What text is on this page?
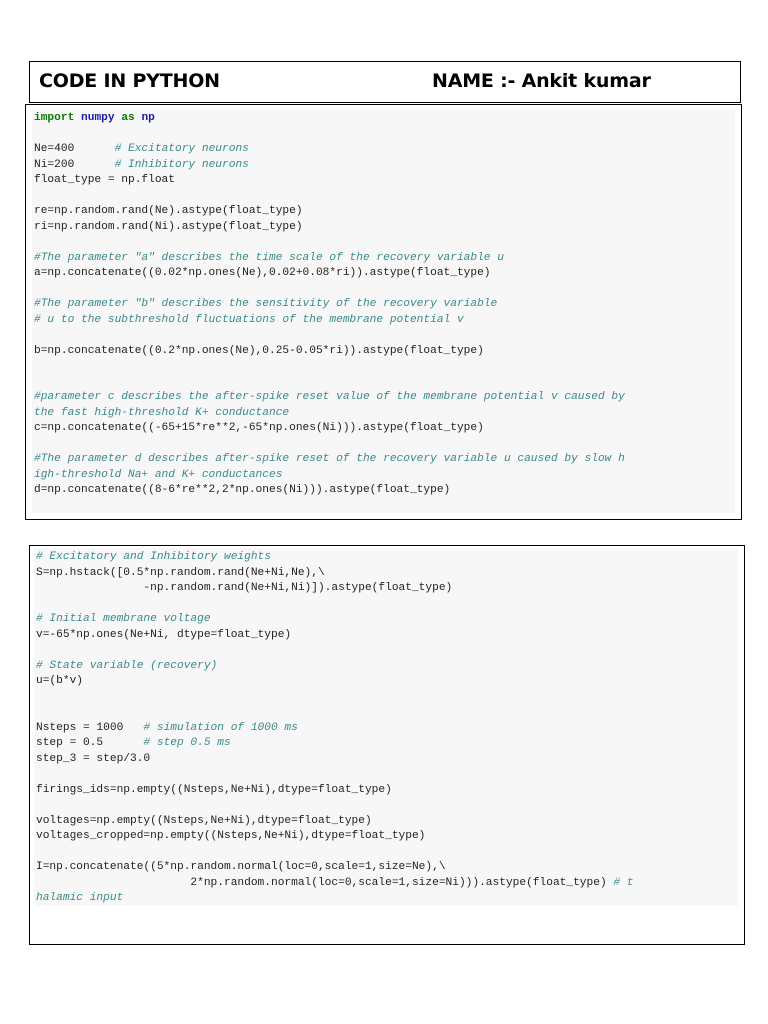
CODE IN PYTHON	NAME :- Ankit kumar
import numpy as np
Ne=400      # Excitatory neurons
Ni=200      # Inhibitory neurons
float_type = np.float
re=np.random.rand(Ne).astype(float_type)
ri=np.random.rand(Ni).astype(float_type)
#The parameter "a" describes the time scale of the recovery variable u
a=np.concatenate((0.02*np.ones(Ne),0.02+0.08*ri)).astype(float_type)
#The parameter "b" describes the sensitivity of the recovery variable
# u to the subthreshold fluctuations of the membrane potential v
b=np.concatenate((0.2*np.ones(Ne),0.25-0.05*ri)).astype(float_type)
#parameter c describes the after-spike reset value of the membrane potential v caused by
the fast high-threshold K+ conductance
c=np.concatenate((-65+15*re**2,-65*np.ones(Ni))).astype(float_type)
#The parameter d describes after-spike reset of the recovery variable u caused by slow h
igh-threshold Na+ and K+ conductances
d=np.concatenate((8-6*re**2,2*np.ones(Ni))).astype(float_type)
# Excitatory and Inhibitory weights
S=np.hstack([0.5*np.random.rand(Ne+Ni,Ne),\
-np.random.rand(Ne+Ni,Ni)]).astype(float_type)
# Initial membrane voltage
v=-65*np.ones(Ne+Ni, dtype=float_type)
# State variable (recovery)
u=(b*v)
Nsteps = 1000   # simulation of 1000 ms
step = 0.5      # step 0.5 ms
step_3 = step/3.0
firings_ids=np.empty((Nsteps,Ne+Ni),dtype=float_type)
voltages=np.empty((Nsteps,Ne+Ni),dtype=float_type)
voltages_cropped=np.empty((Nsteps,Ne+Ni),dtype=float_type)
I=np.concatenate((5*np.random.normal(loc=0,scale=1,size=Ne),\
2*np.random.normal(loc=0,scale=1,size=Ni))).astype(float_type) # t
halamic input
